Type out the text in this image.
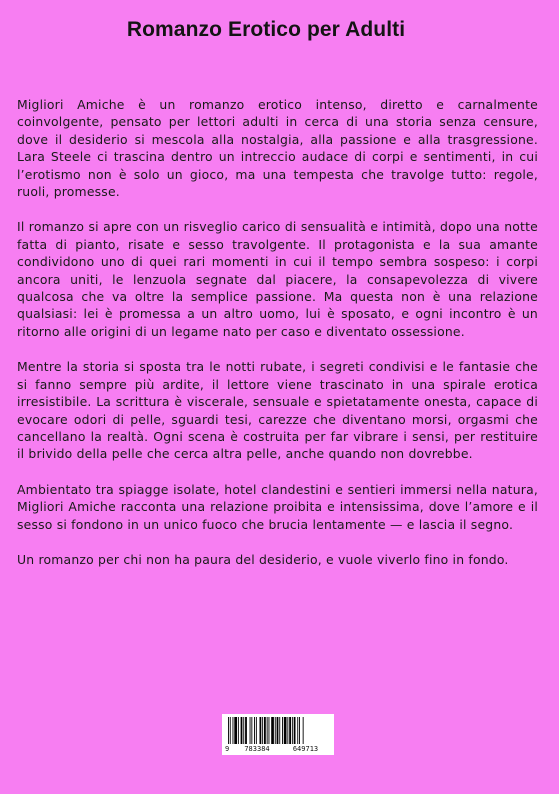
Romanzo Erotico per Adulti

Migliori Amiche è un romanzo erotico intenso, diretto e carnalmente coinvolgente, pensato per lettori adulti in cerca di una storia senza censure, dove il desiderio si mescola alla nostalgia, alla passione e alla trasgressione. Lara Steele ci trascina dentro un intreccio audace di corpi e sentimenti, in cui l’erotismo non è solo un gioco, ma una tempesta che travolge tutto: regole, ruoli, promesse.

Il romanzo si apre con un risveglio carico di sensualità e intimità, dopo una notte fatta di pianto, risate e sesso travolgente. Il protagonista e la sua amante condividono uno di quei rari momenti in cui il tempo sembra sospeso: i corpi ancora uniti, le lenzuola segnate dal piacere, la consapevolezza di vivere qualcosa che va oltre la semplice passione. Ma questa non è una relazione qualsiasi: lei è promessa a un altro uomo, lui è sposato, e ogni incontro è un ritorno alle origini di un legame nato per caso e diventato ossessione.

Mentre la storia si sposta tra le notti rubate, i segreti condivisi e le fantasie che si fanno sempre più ardite, il lettore viene trascinato in una spirale erotica irresistibile. La scrittura è viscerale, sensuale e spietatamente onesta, capace di evocare odori di pelle, sguardi tesi, carezze che diventano morsi, orgasmi che cancellano la realtà. Ogni scena è costruita per far vibrare i sensi, per restituire il brivido della pelle che cerca altra pelle, anche quando non dovrebbe.

Ambientato tra spiagge isolate, hotel clandestini e sentieri immersi nella natura, Migliori Amiche racconta una relazione proibita e intensissima, dove l’amore e il sesso si fondono in un unico fuoco che brucia lentamente — e lascia il segno.

Un romanzo per chi non ha paura del desiderio, e vuole viverlo fino in fondo.

9	783384	649713
